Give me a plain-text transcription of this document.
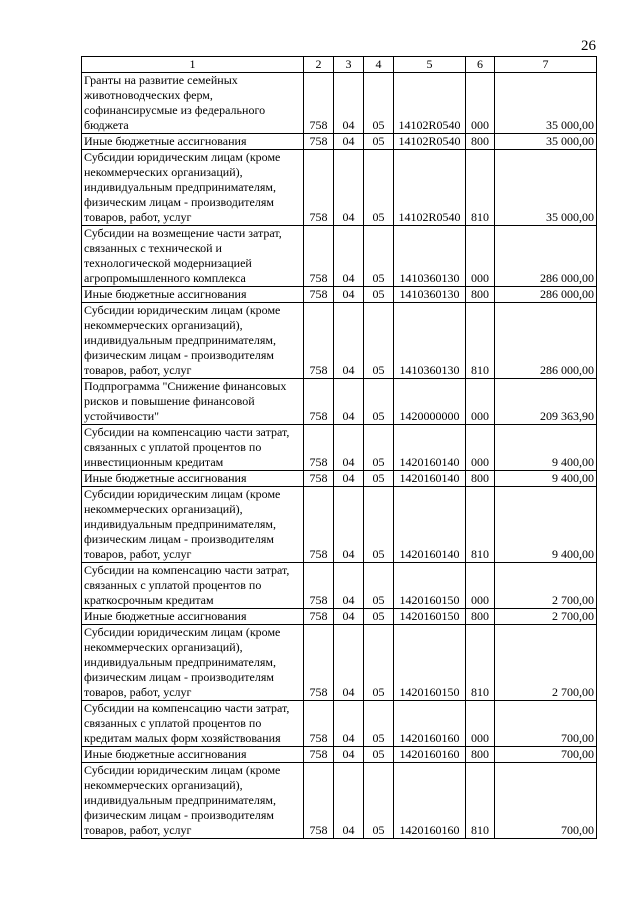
26
1	2	3	4	5	6	7
Гранты на развитие семейных животноводческих ферм, софинансирусмые из федерального бюджета	758	04	05	14102R0540	000	35 000,00
Иные бюджетные ассигнования	758	04	05	14102R0540	800	35 000,00
Субсидии юридическим лицам (кроме некоммерческих организаций), индивидуальным предпринимателям, физическим лицам - производителям товаров, работ, услуг	758	04	05	14102R0540	810	35 000,00
Субсидии на возмещение части затрат, связанных с технической и технологической модернизацией агропромышленного комплекса	758	04	05	1410360130	000	286 000,00
Иные бюджетные ассигнования	758	04	05	1410360130	800	286 000,00
Субсидии юридическим лицам (кроме некоммерческих организаций), индивидуальным предпринимателям, физическим лицам - производителям товаров, работ, услуг	758	04	05	1410360130	810	286 000,00
Подпрограмма "Снижение финансовых рисков и повышение финансовой устойчивости"	758	04	05	1420000000	000	209 363,90
Субсидии на компенсацию части затрат, связанных с уплатой процентов по инвестиционным кредитам	758	04	05	1420160140	000	9 400,00
Иные бюджетные ассигнования	758	04	05	1420160140	800	9 400,00
Субсидии юридическим лицам (кроме некоммерческих организаций), индивидуальным предпринимателям, физическим лицам - производителям товаров, работ, услуг	758	04	05	1420160140	810	9 400,00
Субсидии на компенсацию части затрат, связанных с уплатой процентов по краткосрочным кредитам	758	04	05	1420160150	000	2 700,00
Иные бюджетные ассигнования	758	04	05	1420160150	800	2 700,00
Субсидии юридическим лицам (кроме некоммерческих организаций), индивидуальным предпринимателям, физическим лицам - производителям товаров, работ, услуг	758	04	05	1420160150	810	2 700,00
Субсидии на компенсацию части затрат, связанных с уплатой процентов по кредитам малых форм хозяйствования	758	04	05	1420160160	000	700,00
Иные бюджетные ассигнования	758	04	05	1420160160	800	700,00
Субсидии юридическим лицам (кроме некоммерческих организаций), индивидуальным предпринимателям, физическим лицам - производителям товаров, работ, услуг	758	04	05	1420160160	810	700,00
